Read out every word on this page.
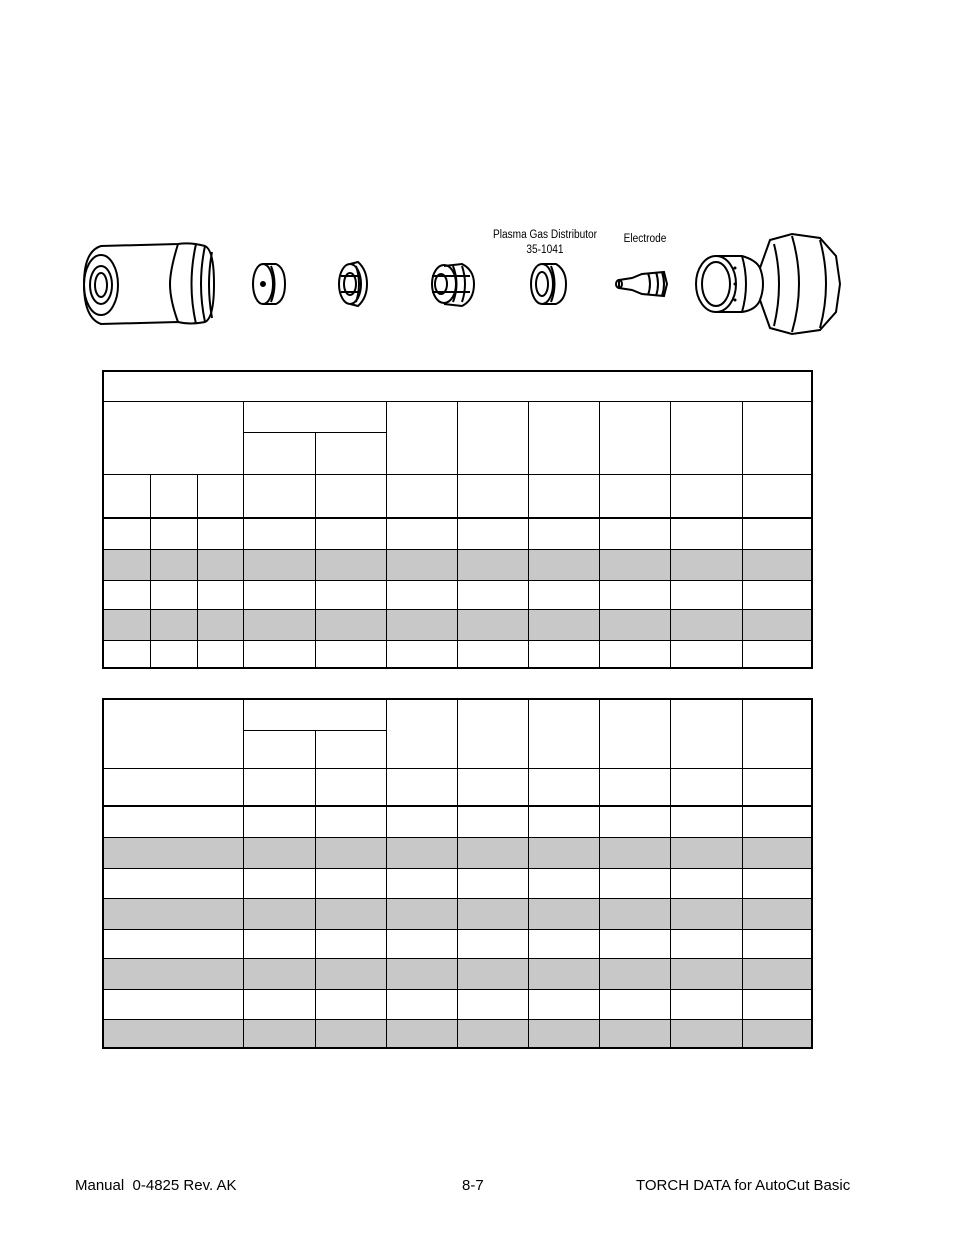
Plasma Gas Distributor
35-1041
Electrode
Manual  0-4825 Rev. AK	8-7	TORCH DATA for AutoCut Basic
